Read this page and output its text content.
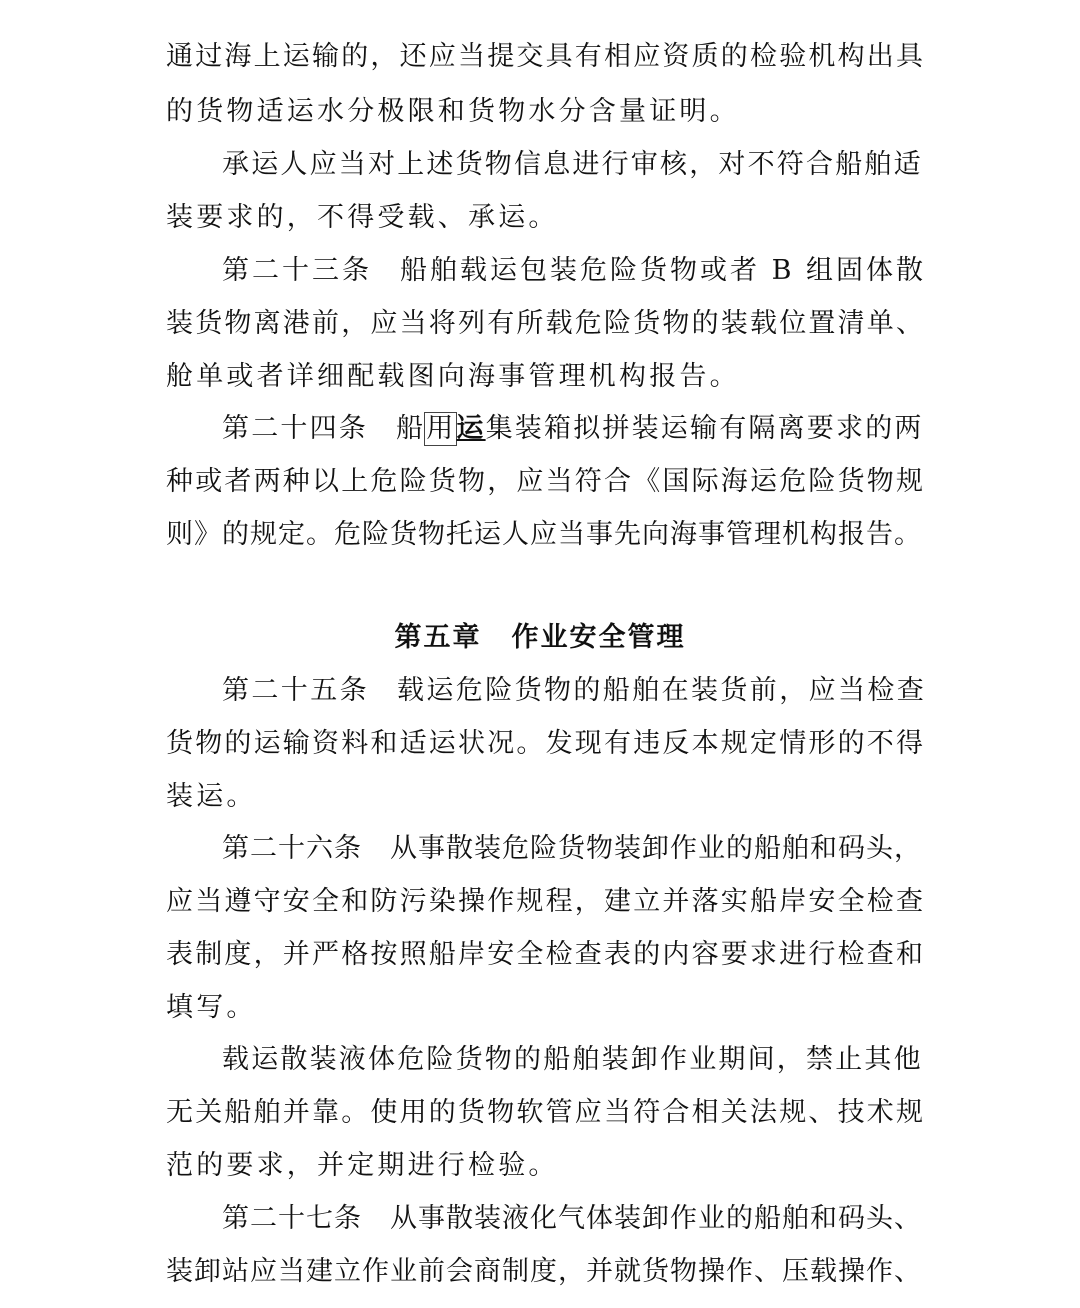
通过海上运输的，还应当提交具有相应资质的检验机构出具
的货物适运水分极限和货物水分含量证明。
承运人应当对上述货物信息进行审核，对不符合船舶适
装要求的，不得受载、承运。
第二十三条 船舶载运包装危险货物或者 B 组固体散
装货物离港前，应当将列有所载危险货物的装载位置清单、
舱单或者详细配载图向海事管理机构报告。
第二十四条 船用运集装箱拟拼装运输有隔离要求的两
种或者两种以上危险货物，应当符合《国际海运危险货物规
则》的规定。危险货物托运人应当事先向海事管理机构报告。
第五章 作业安全管理
第二十五条 载运危险货物的船舶在装货前，应当检查
货物的运输资料和适运状况。发现有违反本规定情形的不得
装运。
第二十六条 从事散装危险货物装卸作业的船舶和码头，
应当遵守安全和防污染操作规程，建立并落实船岸安全检查
表制度，并严格按照船岸安全检查表的内容要求进行检查和
填写。
载运散装液体危险货物的船舶装卸作业期间，禁止其他
无关船舶并靠。使用的货物软管应当符合相关法规、技术规
范的要求，并定期进行检验。
第二十七条 从事散装液化气体装卸作业的船舶和码头、
装卸站应当建立作业前会商制度，并就货物操作、压载操作、
